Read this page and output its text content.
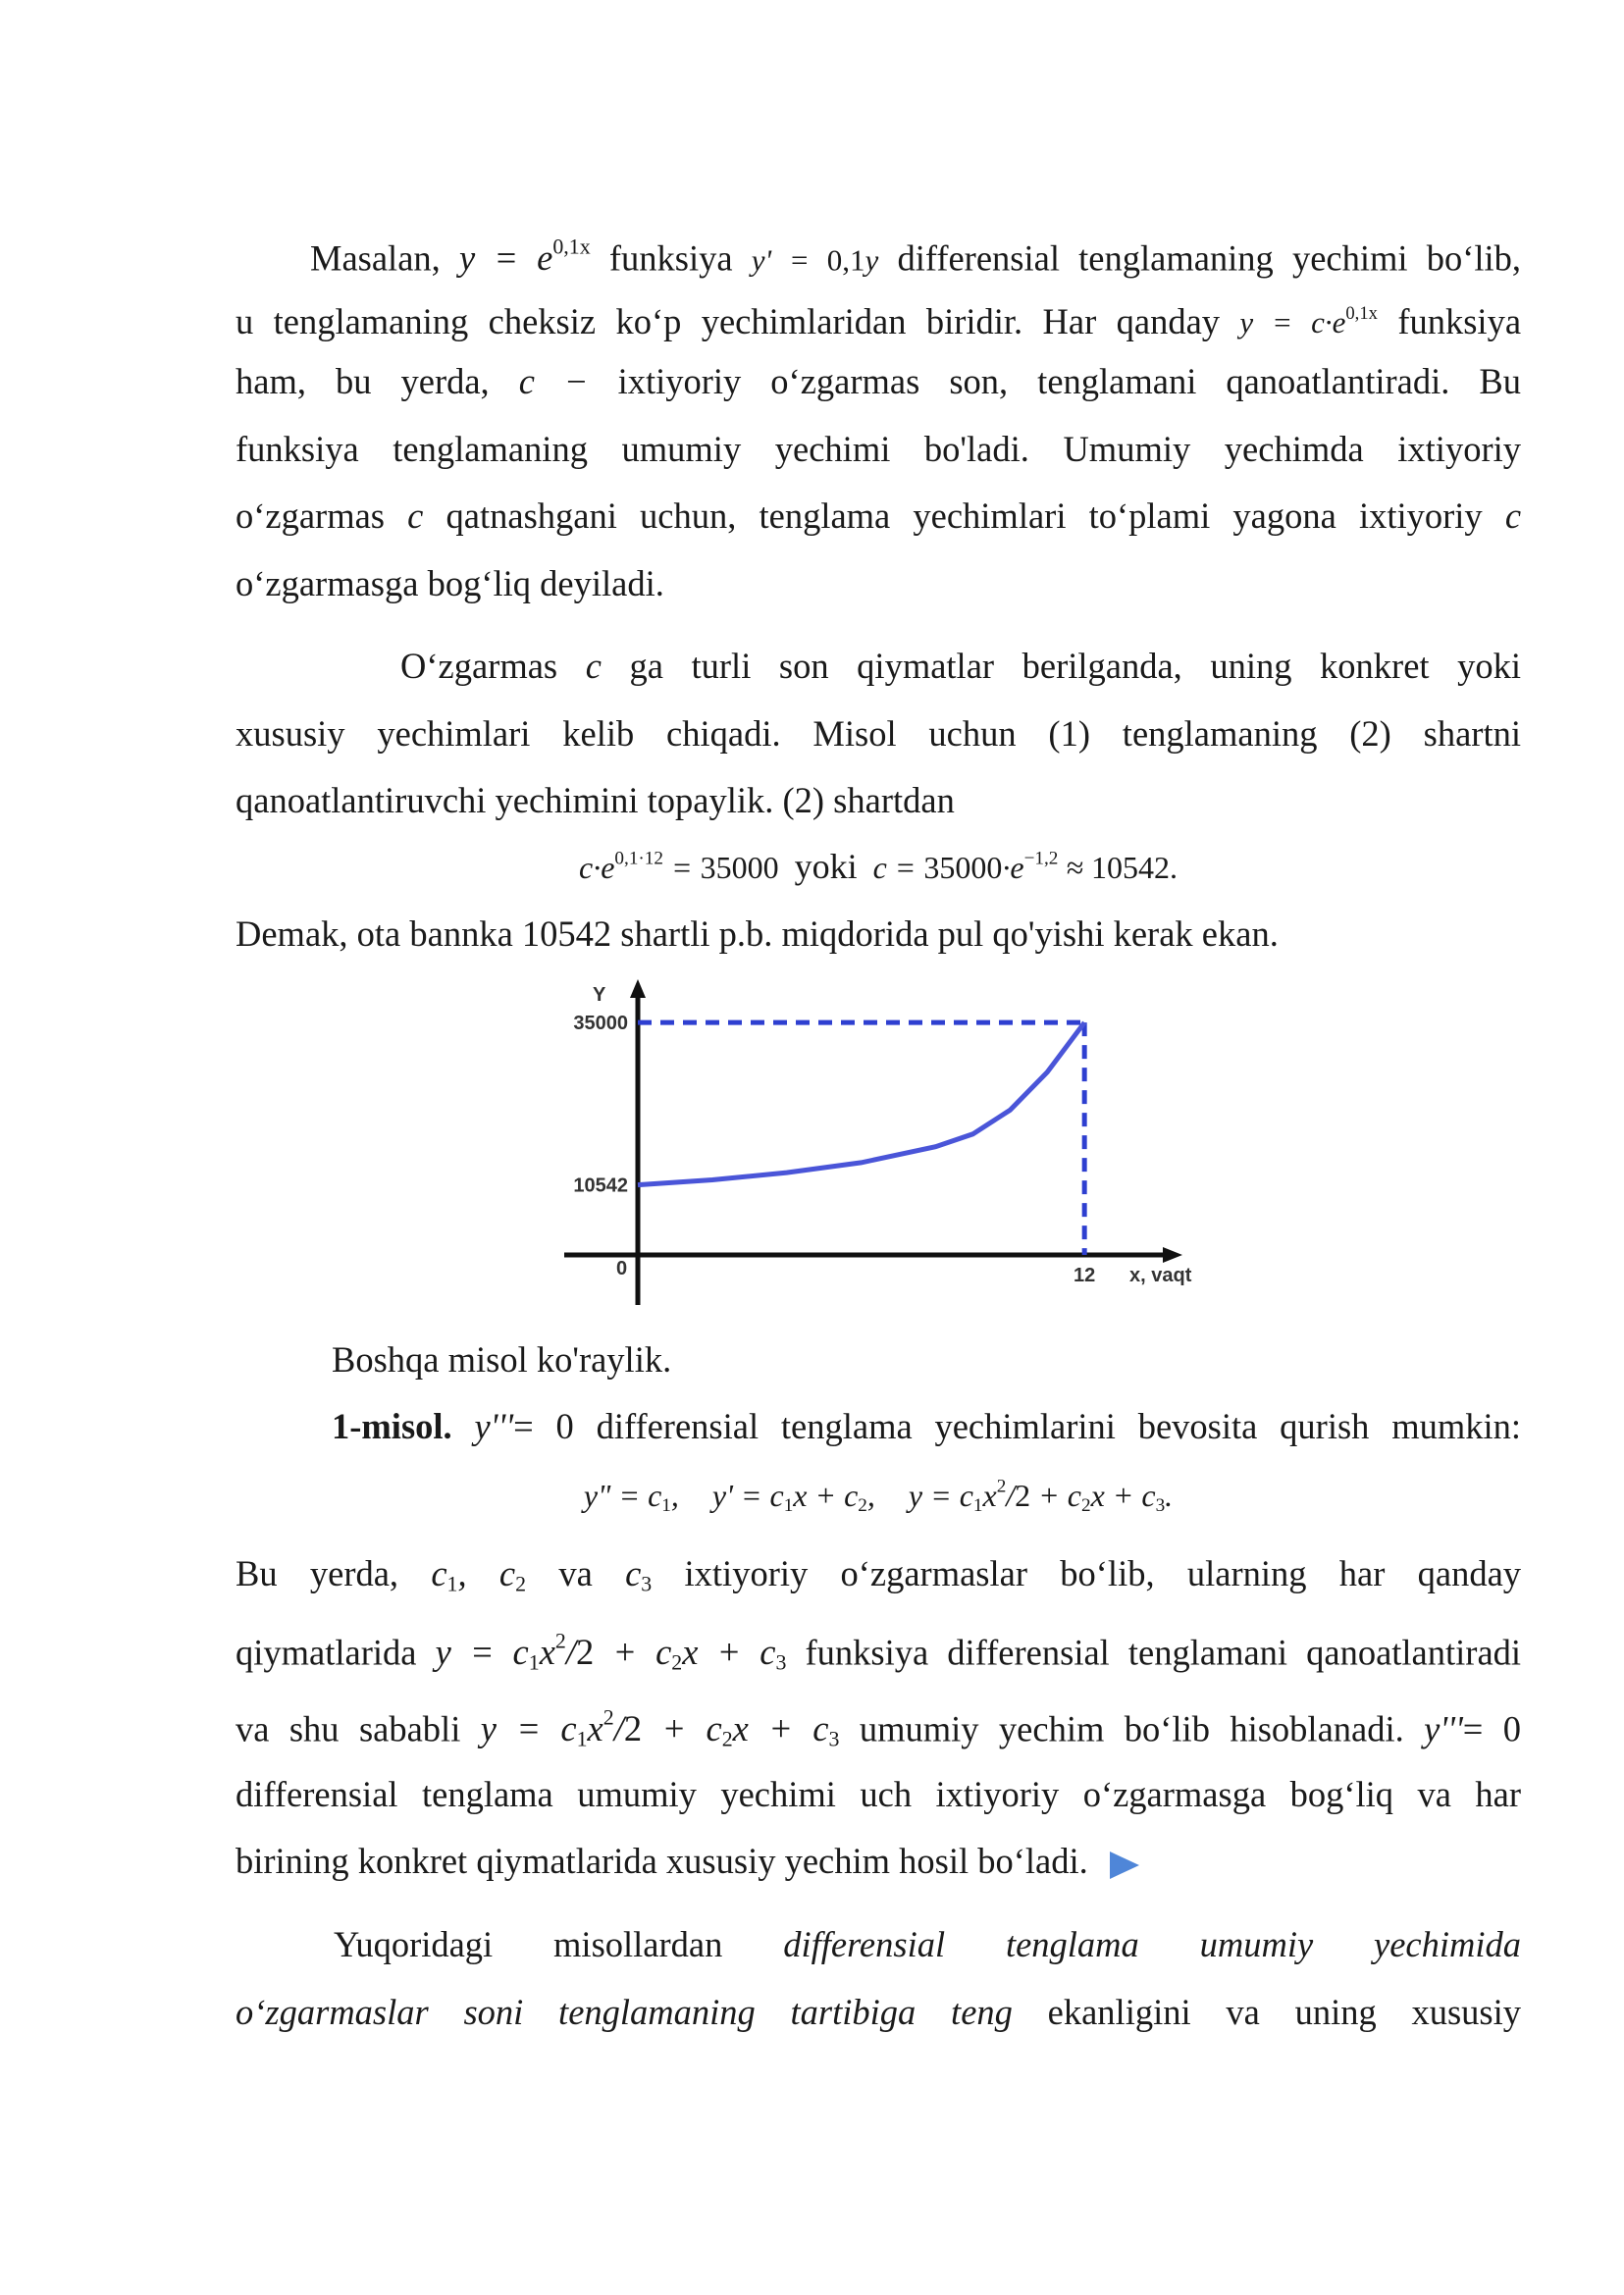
Masalan, $y = e^{0,1x}$ funksiya y' = 0,1y differensial tenglamaning yechimi bo‘lib,
u tenglamaning cheksiz ko‘p yechimlaridan biridir. Har qanday $y = c\cdot e^{0,1x}$ funksiya
ham, bu yerda, c − ixtiyoriy o‘zgarmas son, tenglamani qanoatlantiradi. Bu
funksiya tenglamaning umumiy yechimi bo'ladi. Umumiy yechimda ixtiyoriy
o‘zgarmas c qatnashgani uchun, tenglama yechimlari to‘plami yagona ixtiyoriy c
o‘zgarmasga bog‘liq deyiladi.
O‘zgarmas c ga turli son qiymatlar berilganda, uning konkret yoki
xususiy yechimlari kelib chiqadi. Misol uchun (1) tenglamaning (2) shartni
qanoatlantiruvchi yechimini topaylik. (2) shartdan
$c\cdot e^{0,1\cdot 12} = 35000$ yoki $c = 35000\cdot e^{-1,2} \approx 10542$.
Demak, ota bannka 10542 shartli p.b. miqdorida pul qo'yishi kerak ekan.
Y
35000
10542
0	12 x, vaqt
Boshqa misol ko'raylik.
1-misol. y'''= 0 differensial tenglama yechimlarini bevosita qurish mumkin:
y" = $c_1$, $y' = c_1x + c_2$, $y = c_1x^2/2 + c_2x + c_3$.
Bu yerda, $c_1$, $c_2$ va $c_3$ ixtiyoriy o‘zgarmaslar bo‘lib, ularning har qanday
qiymatlarida $y = c_1x^2/2 + c_2x + c_3$ funksiya differensial tenglamani qanoatlantiradi
va shu sababli $y = c_1x^2/2 + c_2x + c_3$ umumiy yechim bo‘lib hisoblanadi. y'''= 0
differensial tenglama umumiy yechimi uch ixtiyoriy o‘zgarmasga bog‘liq va har
birining konkret qiymatlarida xususiy yechim hosil bo‘ladi.
Yuqoridagi misollardan differensial tenglama umumiy yechimida
o‘zgarmaslar soni tenglamaning tartibiga teng ekanligini va uning xususiy
